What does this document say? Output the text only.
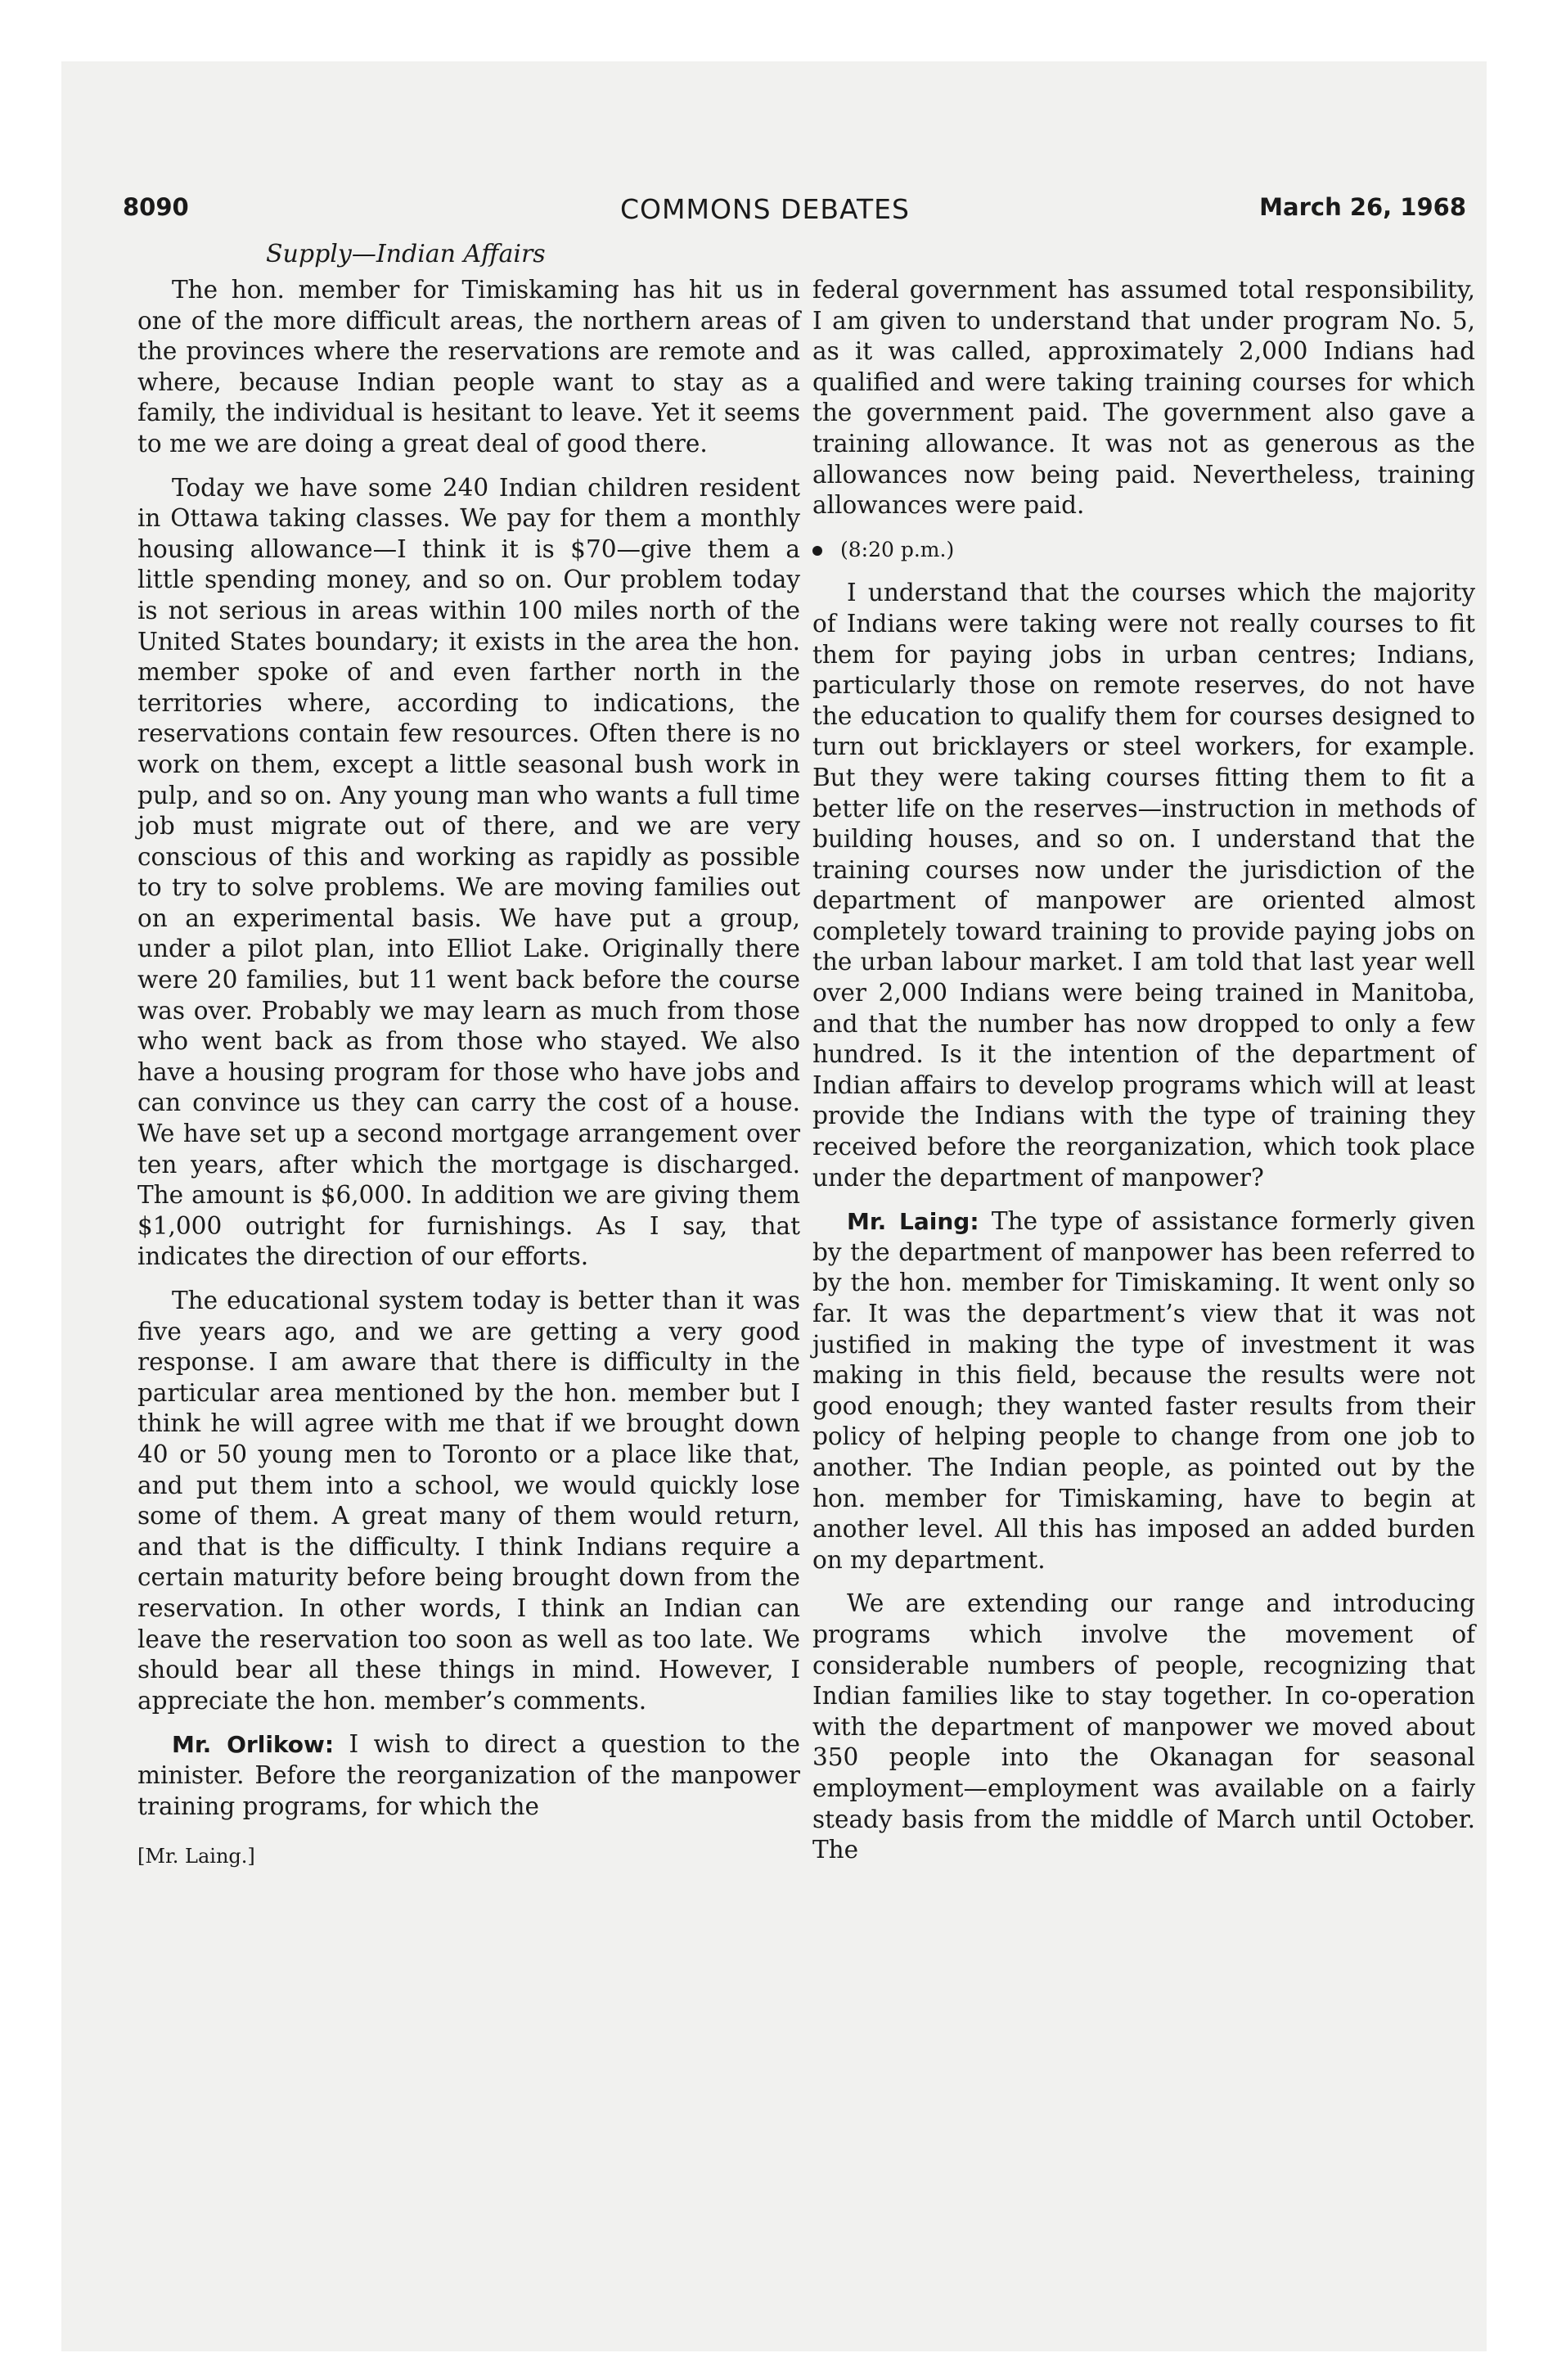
8090	COMMONS DEBATES	March 26, 1968
Supply—Indian Affairs

The hon. member for Timiskaming has hit us in one of the more difficult areas, the northern areas of the provinces where the reservations are remote and where, because Indian people want to stay as a family, the individual is hesitant to leave. Yet it seems to me we are doing a great deal of good there.

Today we have some 240 Indian children resident in Ottawa taking classes. We pay for them a monthly housing allowance—I think it is $70—give them a little spending money, and so on. Our problem today is not serious in areas within 100 miles north of the United States boundary; it exists in the area the hon. member spoke of and even farther north in the territories where, according to indications, the reservations contain few resources. Often there is no work on them, except a little seasonal bush work in pulp, and so on. Any young man who wants a full time job must migrate out of there, and we are very conscious of this and working as rapidly as possible to try to solve problems. We are moving families out on an experimental basis. We have put a group, under a pilot plan, into Elliot Lake. Originally there were 20 families, but 11 went back before the course was over. Probably we may learn as much from those who went back as from those who stayed. We also have a housing program for those who have jobs and can convince us they can carry the cost of a house. We have set up a second mortgage arrangement over ten years, after which the mortgage is discharged. The amount is $6,000. In addition we are giving them $1,000 outright for furnishings. As I say, that indicates the direction of our efforts.

The educational system today is better than it was five years ago, and we are getting a very good response. I am aware that there is difficulty in the particular area mentioned by the hon. member but I think he will agree with me that if we brought down 40 or 50 young men to Toronto or a place like that, and put them into a school, we would quickly lose some of them. A great many of them would return, and that is the difficulty. I think Indians require a certain maturity before being brought down from the reservation. In other words, I think an Indian can leave the reservation too soon as well as too late. We should bear all these things in mind. However, I appreciate the hon. member’s comments.

Mr. Orlikow: I wish to direct a question to the minister. Before the reorganization of the manpower training programs, for which the

[Mr. Laing.]

federal government has assumed total responsibility, I am given to understand that under program No. 5, as it was called, approximately 2,000 Indians had qualified and were taking training courses for which the government paid. The government also gave a training allowance. It was not as generous as the allowances now being paid. Nevertheless, training allowances were paid.

(8:20 p.m.)

I understand that the courses which the majority of Indians were taking were not really courses to fit them for paying jobs in urban centres; Indians, particularly those on remote reserves, do not have the education to qualify them for courses designed to turn out bricklayers or steel workers, for example. But they were taking courses fitting them to fit a better life on the reserves—instruction in methods of building houses, and so on. I understand that the training courses now under the jurisdiction of the department of manpower are oriented almost completely toward training to provide paying jobs on the urban labour market. I am told that last year well over 2,000 Indians were being trained in Manitoba, and that the number has now dropped to only a few hundred. Is it the intention of the department of Indian affairs to develop programs which will at least provide the Indians with the type of training they received before the reorganization, which took place under the department of manpower?

Mr. Laing: The type of assistance formerly given by the department of manpower has been referred to by the hon. member for Timiskaming. It went only so far. It was the department’s view that it was not justified in making the type of investment it was making in this field, because the results were not good enough; they wanted faster results from their policy of helping people to change from one job to another. The Indian people, as pointed out by the hon. member for Timiskaming, have to begin at another level. All this has imposed an added burden on my department.

We are extending our range and introducing programs which involve the movement of considerable numbers of people, recognizing that Indian families like to stay together. In co-operation with the department of manpower we moved about 350 people into the Okanagan for seasonal employment—employment was available on a fairly steady basis from the middle of March until October. The
